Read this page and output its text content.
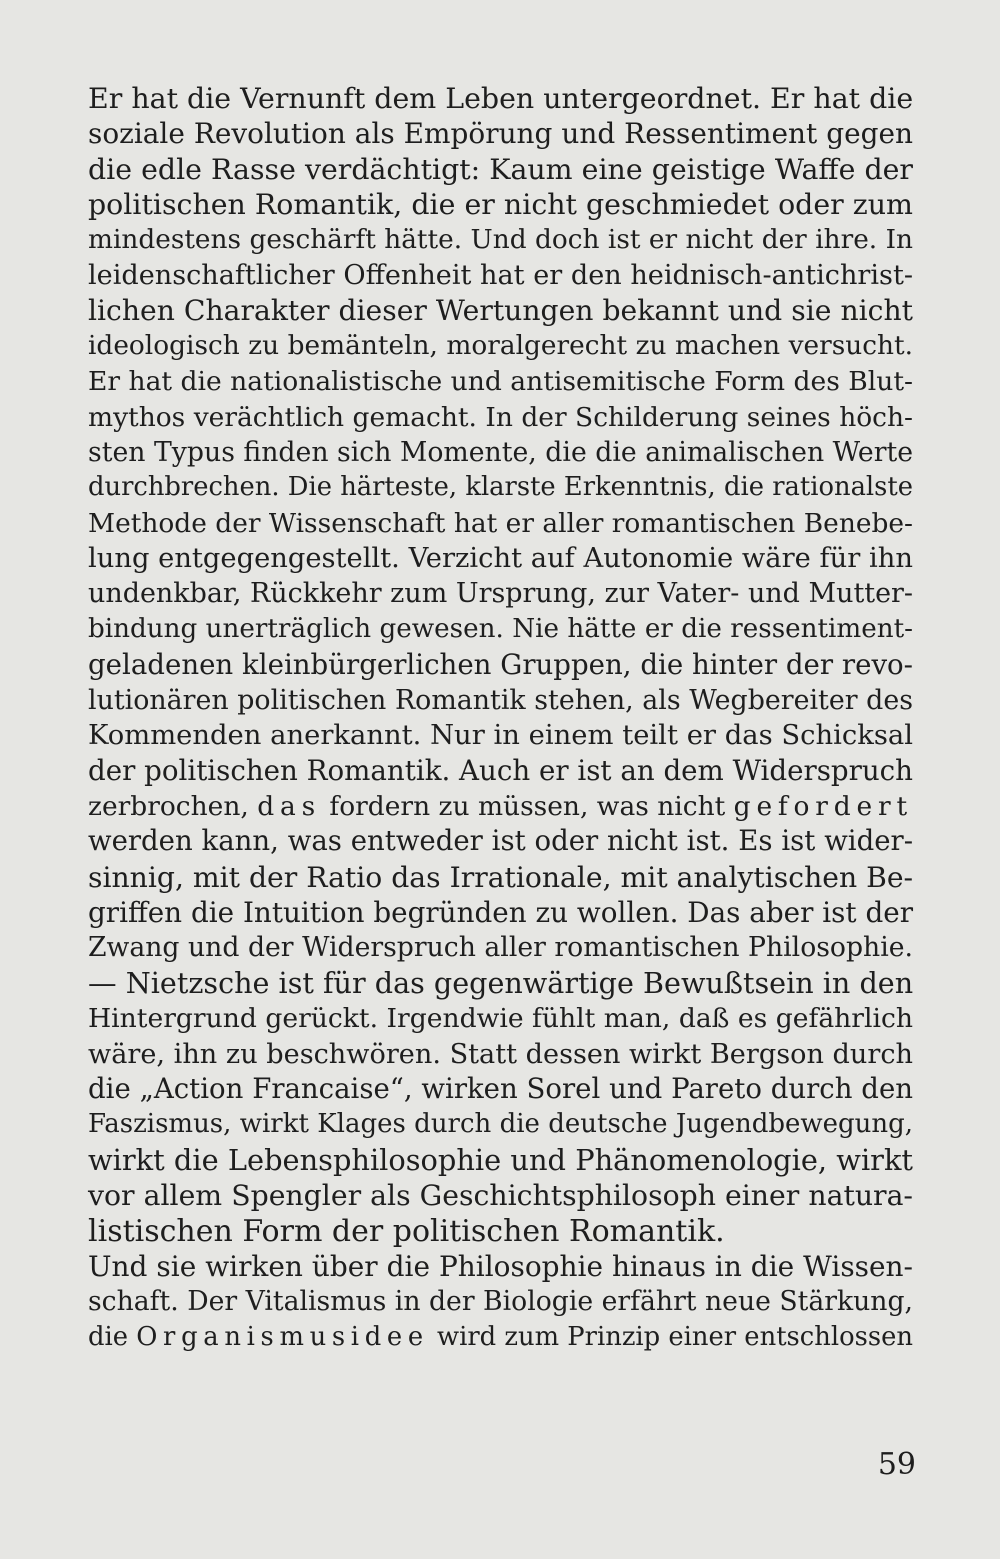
Er hat die Vernunft dem Leben untergeordnet. Er hat die
soziale Revolution als Empörung und Ressentiment gegen
die edle Rasse verdächtigt: Kaum eine geistige Waffe der
politischen Romantik, die er nicht geschmiedet oder zum
mindestens geschärft hätte. Und doch ist er nicht der ihre. In
leidenschaftlicher Offenheit hat er den heidnisch-antichrist-
lichen Charakter dieser Wertungen bekannt und sie nicht
ideologisch zu bemänteln, moralgerecht zu machen versucht.
Er hat die nationalistische und antisemitische Form des Blut-
mythos verächtlich gemacht. In der Schilderung seines höch-
sten Typus finden sich Momente, die die animalischen Werte
durchbrechen. Die härteste, klarste Erkenntnis, die rationalste
Methode der Wissenschaft hat er aller romantischen Benebe-
lung entgegengestellt. Verzicht auf Autonomie wäre für ihn
undenkbar, Rückkehr zum Ursprung, zur Vater- und Mutter-
bindung unerträglich gewesen. Nie hätte er die ressentiment-
geladenen kleinbürgerlichen Gruppen, die hinter der revo-
lutionären politischen Romantik stehen, als Wegbereiter des
Kommenden anerkannt. Nur in einem teilt er das Schicksal
der politischen Romantik. Auch er ist an dem Widerspruch
zerbrochen, das fordern zu müssen, was nicht gefordert
werden kann, was entweder ist oder nicht ist. Es ist wider-
sinnig, mit der Ratio das Irrationale, mit analytischen Be-
griffen die Intuition begründen zu wollen. Das aber ist der
Zwang und der Widerspruch aller romantischen Philosophie.
— Nietzsche ist für das gegenwärtige Bewußtsein in den
Hintergrund gerückt. Irgendwie fühlt man, daß es gefährlich
wäre, ihn zu beschwören. Statt dessen wirkt Bergson durch
die „Action Francaise“, wirken Sorel und Pareto durch den
Faszismus, wirkt Klages durch die deutsche Jugendbewegung,
wirkt die Lebensphilosophie und Phänomenologie, wirkt
vor allem Spengler als Geschichtsphilosoph einer natura-
listischen Form der politischen Romantik.
Und sie wirken über die Philosophie hinaus in die Wissen-
schaft. Der Vitalismus in der Biologie erfährt neue Stärkung,
die Organismusidee wird zum Prinzip einer entschlossen
59
